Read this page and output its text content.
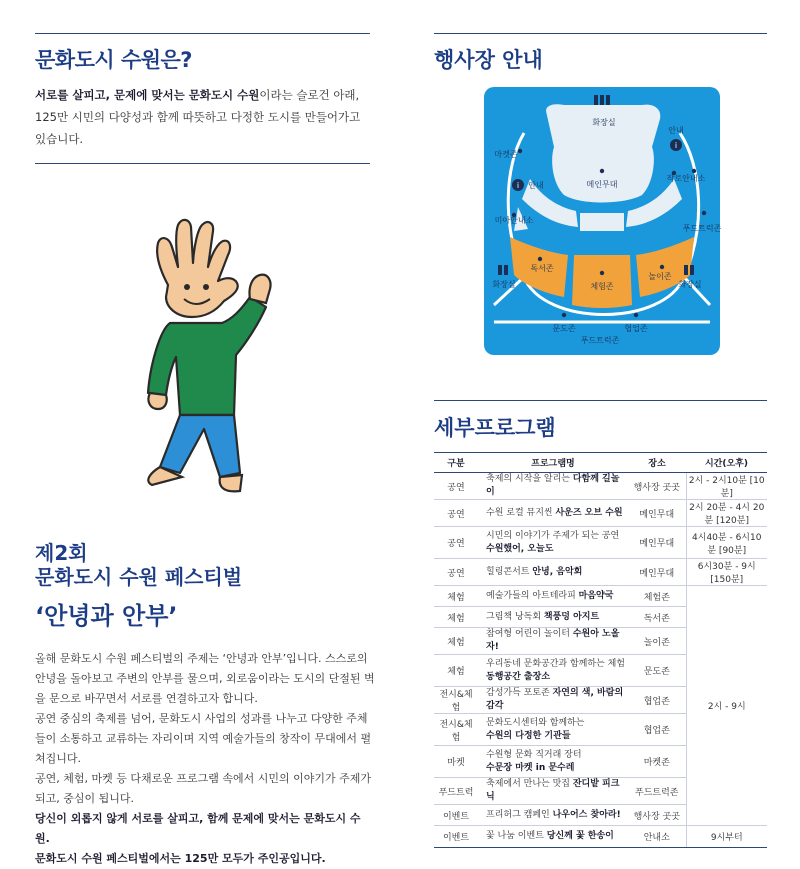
문화도시 수원은?
서로를 살피고, 문제에 맞서는 문화도시 수원이라는 슬로건 아래,
125만 시민의 다양성과 함께 따뜻하고 다정한 도시를 만들어가고
있습니다.
제2회
문화도시 수원 페스티벌
‘안녕과 안부’
올해 문화도시 수원 페스티벌의 주제는 ‘안녕과 안부’입니다. 스스로의 안녕을 돌아보고 주변의 안부를 물으며, 외로움이라는 도시의 단절된 벽을 문으로 바꾸면서 서로를 연결하고자 합니다.
공연 중심의 축제를 넘어, 문화도시 사업의 성과를 나누고 다양한 주체들이 소통하고 교류하는 자리이며 지역 예술가들의 창작이 무대에서 펼쳐집니다.
공연, 체험, 마켓 등 다채로운 프로그램 속에서 시민의 이야기가 주제가 되고, 중심이 됩니다.
당신이 외롭지 않게 서로를 살피고, 함께 문제에 맞서는 문화도시 수원.
문화도시 수원 페스티벌에서는 125만 모두가 주인공입니다.
행사장 안내
i
i
화장실
메인무대
안내
안내
마켓존
작로안내소
미아안내소
푸드트럭존
독서존
체험존
놀이존
화장실	화장실
문도존	협업존
푸드트럭존
세부프로그램
구분	프로그램명	장소	시간(오후)
공연	축제의 시작을 알리는 다함께 길놀이	행사장 곳곳	2시 - 2시10분 [10분]
공연	수원 로컬 뮤지씬 사운즈 오브 수원	메인무대	2시 20분 - 4시 20 분 [120분]
공연	시민의 이야기가 주제가 되는 공연
수원했어, 오늘도	메인무대	4시40분 - 6시10분 [90분]
공연	힐링콘서트 안녕, 음악회	메인무대	6시30분 - 9시 [150분]
체험	예술가들의 아트테라피 마음약국	체험존	2시 - 9시
체험	그림책 낭독회 책풍덩 아지트	독서존	
체험	참여형 어린이 놀이터 수원아 노올자!	놀이존	
체험	우리동네 문화공간과 함께하는 체험
동행공간 출장소	문도존	
전시&체험	감성가득 포토존 자연의 색, 바람의 감각	협업존	
전시&체험	문화도시센터와 함께하는
수원의 다정한 기관들	협업존	
마켓	수원형 문화 직거래 장터
수문장 마켓 in 문수레	마켓존	
푸드트럭	축제에서 만나는 맛집 잔디밭 피크닉	푸드트럭존	
이벤트	프리허그 캠페인 나우어스 찾아라!	행사장 곳곳	
이벤트	꽃 나눔 이벤트 당신께 꽃 한송이	안내소	9시부터
